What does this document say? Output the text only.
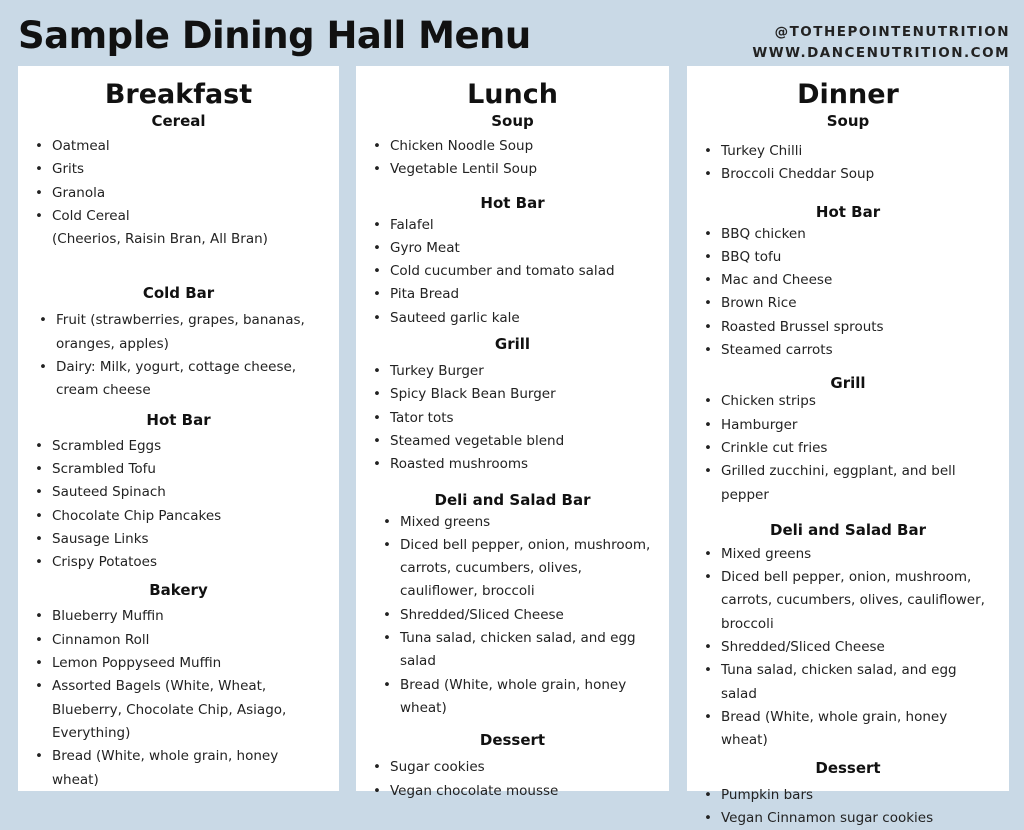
Sample Dining Hall Menu	@TOTHEPOINTENUTRITION
WWW.DANCENUTRITION.COM
Breakfast
Cereal
• Oatmeal
• Grits
• Granola
• Cold Cereal
(Cheerios, Raisin Bran, All Bran)
Cold Bar
• Fruit (strawberries, grapes, bananas, oranges, apples)
• Dairy: Milk, yogurt, cottage cheese, cream cheese
Hot Bar
• Scrambled Eggs
• Scrambled Tofu
• Sauteed Spinach
• Chocolate Chip Pancakes
• Sausage Links
• Crispy Potatoes
Bakery
• Blueberry Muffin
• Cinnamon Roll
• Lemon Poppyseed Muffin
• Assorted Bagels (White, Wheat, Blueberry, Chocolate Chip, Asiago, Everything)
• Bread (White, whole grain, honey wheat)
Lunch
Soup
• Chicken Noodle Soup
• Vegetable Lentil Soup
Hot Bar
• Falafel
• Gyro Meat
• Cold cucumber and tomato salad
• Pita Bread
• Sauteed garlic kale
Grill
• Turkey Burger
• Spicy Black Bean Burger
• Tator tots
• Steamed vegetable blend
• Roasted mushrooms
Deli and Salad Bar
• Mixed greens
• Diced bell pepper, onion, mushroom, carrots, cucumbers, olives, cauliflower, broccoli
• Shredded/Sliced Cheese
• Tuna salad, chicken salad, and egg salad
• Bread (White, whole grain, honey wheat)
Dessert
• Sugar cookies
• Vegan chocolate mousse
Dinner
Soup
• Turkey Chilli
• Broccoli Cheddar Soup
Hot Bar
• BBQ chicken
• BBQ tofu
• Mac and Cheese
• Brown Rice
• Roasted Brussel sprouts
• Steamed carrots
Grill
• Chicken strips
• Hamburger
• Crinkle cut fries
• Grilled zucchini, eggplant, and bell pepper
Deli and Salad Bar
• Mixed greens
• Diced bell pepper, onion, mushroom, carrots, cucumbers, olives, cauliflower, broccoli
• Shredded/Sliced Cheese
• Tuna salad, chicken salad, and egg salad
• Bread (White, whole grain, honey wheat)
Dessert
• Pumpkin bars
• Vegan Cinnamon sugar cookies
